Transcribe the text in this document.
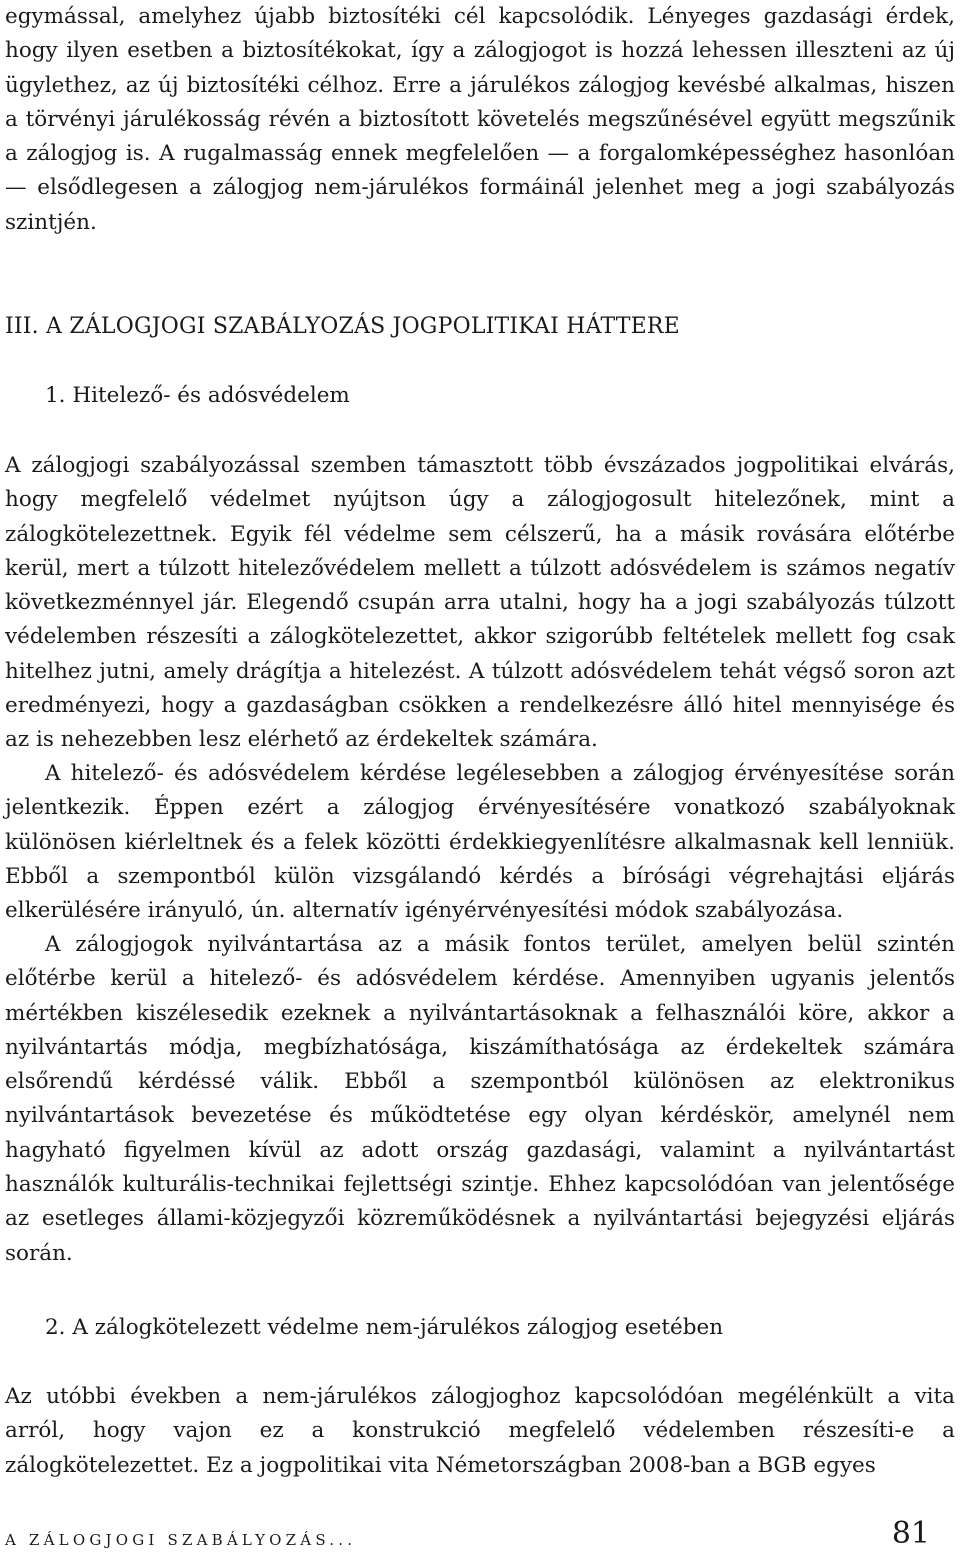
egymással, amelyhez újabb biztosítéki cél kapcsolódik. Lényeges gazdasági érdek, hogy ilyen esetben a biztosítékokat, így a zálogjogot is hozzá lehessen illeszteni az új ügylethez, az új biztosítéki célhoz. Erre a járulékos zálogjog kevésbé alkalmas, hiszen a törvényi járulékosság révén a biztosított követelés megszűnésével együtt megszűnik a zálogjog is. A rugalmasság ennek megfelelően — a forgalomképességhez hasonlóan — elsődlegesen a zálogjog nem-járulékos formáinál jelenhet meg a jogi szabályozás szintjén.

III. A ZÁLOGJOGI SZABÁLYOZÁS JOGPOLITIKAI HÁTTERE
1. Hitelező- és adósvédelem

A zálogjogi szabályozással szemben támasztott több évszázados jogpolitikai elvárás, hogy megfelelő védelmet nyújtson úgy a zálogjogosult hitelezőnek, mint a zálogkötelezettnek. Egyik fél védelme sem célszerű, ha a másik rovására előtérbe kerül, mert a túlzott hitelezővédelem mellett a túlzott adósvédelem is számos negatív következménnyel jár. Elegendő csupán arra utalni, hogy ha a jogi szabályozás túlzott védelemben részesíti a zálogkötelezettet, akkor szigorúbb feltételek mellett fog csak hitelhez jutni, amely drágítja a hitelezést. A túlzott adósvédelem tehát végső soron azt eredményezi, hogy a gazdaságban csökken a rendelkezésre álló hitel mennyisége és az is nehezebben lesz elérhető az érdekeltek számára.

A hitelező- és adósvédelem kérdése legélesebben a zálogjog érvényesítése során jelentkezik. Éppen ezért a zálogjog érvényesítésére vonatkozó szabályoknak különösen kiérleltnek és a felek közötti érdekkiegyenlítésre alkalmasnak kell lenniük. Ebből a szempontból külön vizsgálandó kérdés a bírósági végrehajtási eljárás elkerülésére irányuló, ún. alternatív igényérvényesítési módok szabályozása.

A zálogjogok nyilvántartása az a másik fontos terület, amelyen belül szintén előtérbe kerül a hitelező- és adósvédelem kérdése. Amennyiben ugyanis jelentős mértékben kiszélesedik ezeknek a nyilvántartásoknak a felhasználói köre, akkor a nyilvántartás módja, megbízhatósága, kiszámíthatósága az érdekeltek számára elsőrendű kérdéssé válik. Ebből a szempontból különösen az elektronikus nyilvántartások bevezetése és működtetése egy olyan kérdéskör, amelynél nem hagyható figyelmen kívül az adott ország gazdasági, valamint a nyilvántartást használók kulturális-technikai fejlettségi szintje. Ehhez kapcsolódóan van jelentősége az esetleges állami-közjegyzői közreműködésnek a nyilvántartási bejegyzési eljárás során.

2. A zálogkötelezett védelme nem-járulékos zálogjog esetében

Az utóbbi években a nem-járulékos zálogjoghoz kapcsolódóan megélénkült a vita arról, hogy vajon ez a konstrukció megfelelő védelemben részesíti-e a zálogkötelezettet. Ez a jogpolitikai vita Németországban 2008-ban a BGB egyes

A ZÁLOGJOGI SZABÁLYOZÁS...	81
